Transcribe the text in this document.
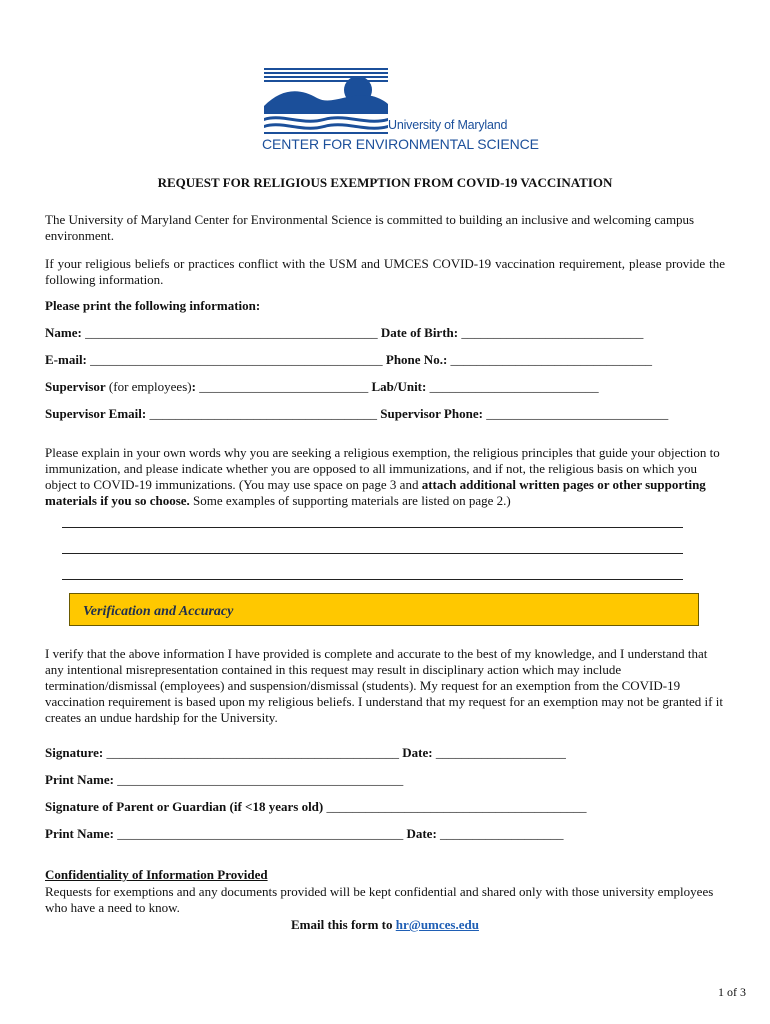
University of Maryland
CENTER FOR ENVIRONMENTAL SCIENCE
REQUEST FOR RELIGIOUS EXEMPTION FROM COVID-19 VACCINATION
The University of Maryland Center for Environmental Science is committed to building an inclusive and welcoming campus environment.
If your religious beliefs or practices conflict with the USM and UMCES COVID-19 vaccination requirement, please provide the following information.
Please print the following information:
Name: _____________________________________________ Date of Birth: ____________________________
E-mail: _____________________________________________ Phone No.: _______________________________
Supervisor (for employees): __________________________ Lab/Unit: __________________________
Supervisor Email: ___________________________________ Supervisor Phone: ____________________________
Please explain in your own words why you are seeking a religious exemption, the religious principles that guide your objection to immunization, and please indicate whether you are opposed to all immunizations, and if not, the religious basis on which you object to COVID-19 immunizations. (You may use space on page 3 and attach additional written pages or other supporting materials if you so choose. Some examples of supporting materials are listed on page 2.)
Verification and Accuracy
I verify that the above information I have provided is complete and accurate to the best of my knowledge, and I understand that any intentional misrepresentation contained in this request may result in disciplinary action which may include termination/dismissal (employees) and suspension/dismissal (students). My request for an exemption from the COVID-19 vaccination requirement is based upon my religious beliefs. I understand that my request for an exemption may not be granted if it creates an undue hardship for the University.
Signature: _____________________________________________ Date: ____________________
Print Name: ____________________________________________
Signature of Parent or Guardian (if <18 years old) ________________________________________
Print Name: ____________________________________________ Date: ___________________
Confidentiality of Information Provided
Requests for exemptions and any documents provided will be kept confidential and shared only with those university employees who have a need to know.
Email this form to hr@umces.edu
1 of 3
